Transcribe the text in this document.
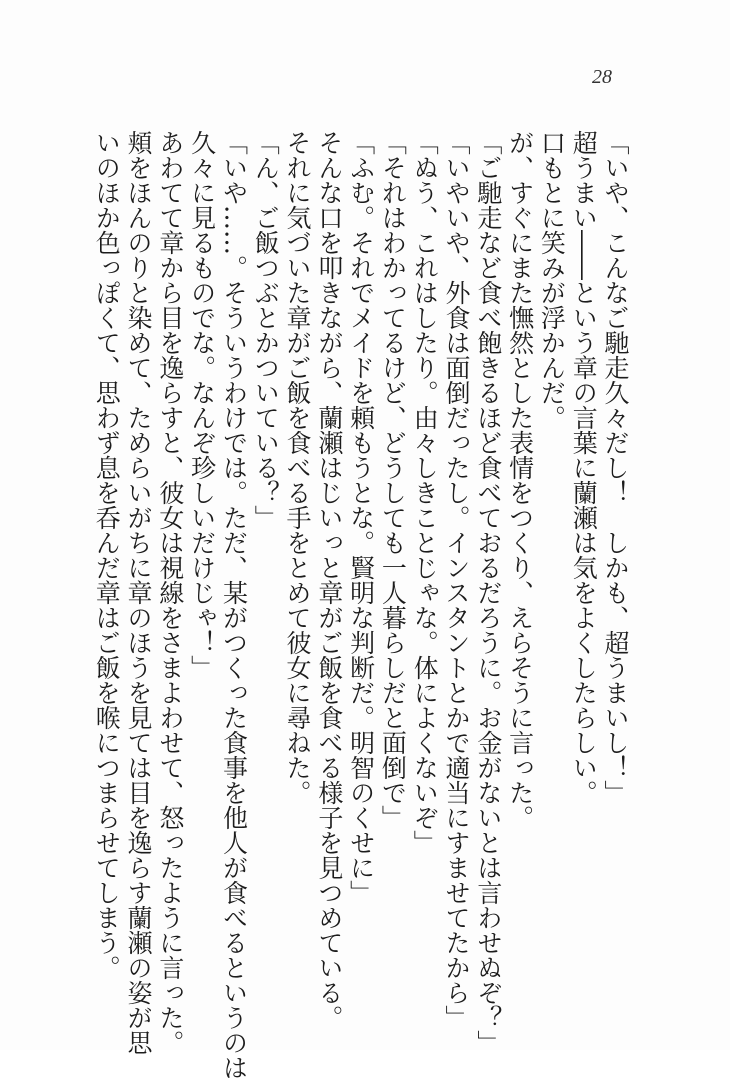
28
「いや、こんなご馳走久々だし！　しかも、超うまいし！」
超うまい――という章の言葉に蘭瀬は気をよくしたらしい。
口もとに笑みが浮かんだ。
が、すぐにまた憮然とした表情をつくり、えらそうに言った。
「ご馳走など食べ飽きるほど食べておるだろうに。お金がないとは言わせぬぞ？」
「いやいや、外食は面倒だったし。インスタントとかで適当にすませてたから」
「ぬう、これはしたり。由々しきことじゃな。体によくないぞ」
「それはわかってるけど、どうしても一人暮らしだと面倒で」
「ふむ。それでメイドを頼もうとな。賢明な判断だ。明智のくせに」
そんな口を叩きながら、蘭瀬はじいっと章がご飯を食べる様子を見つめている。
それに気づいた章がご飯を食べる手をとめて彼女に尋ねた。
「ん、ご飯つぶとかついている？」
「いや……。そういうわけでは。ただ、某がつくった食事を他人が食べるというのは
久々に見るものでな。なんぞ珍しいだけじゃ！」
あわてて章から目を逸らすと、彼女は視線をさまよわせて、怒ったように言った。
頬をほんのりと染めて、ためらいがちに章のほうを見ては目を逸らす蘭瀬の姿が思
いのほか色っぽくて、思わず息を呑んだ章はご飯を喉につまらせてしまう。
